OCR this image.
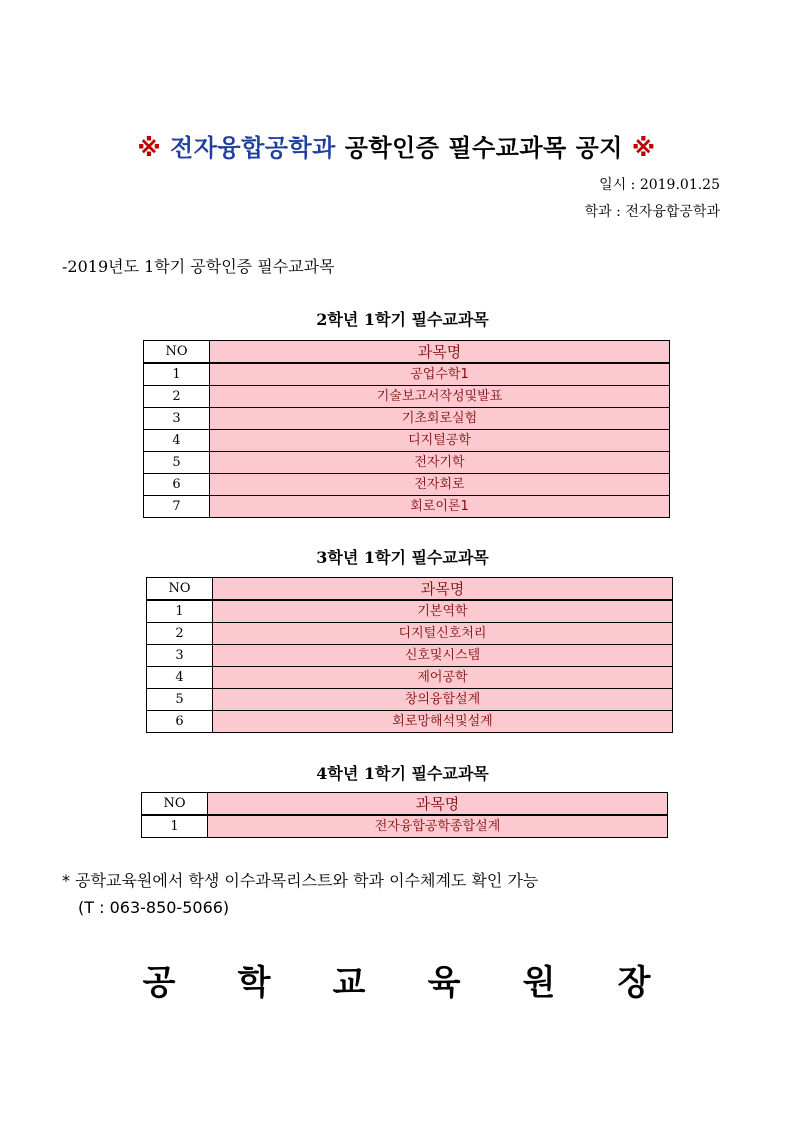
※ 전자융합공학과 공학인증 필수교과목 공지 ※
일시 : 2019.01.25
학과 : 전자융합공학과
-2019년도 1학기 공학인증 필수교과목
2학년 1학기 필수교과목
NO	과목명
1	공업수학1
2	기술보고서작성및발표
3	기초회로실험
4	디지털공학
5	전자기학
6	전자회로
7	회로이론1
3학년 1학기 필수교과목
NO	과목명
1	기본역학
2	디지털신호처리
3	신호및시스템
4	제어공학
5	창의융합설계
6	회로망해석및설계
4학년 1학기 필수교과목
NO	과목명
1	전자융합공학종합설계
* 공학교육원에서 학생 이수과목리스트와 학과 이수체계도 확인 가능
(T : 063-850-5066)
공	학	교	육	원	장
